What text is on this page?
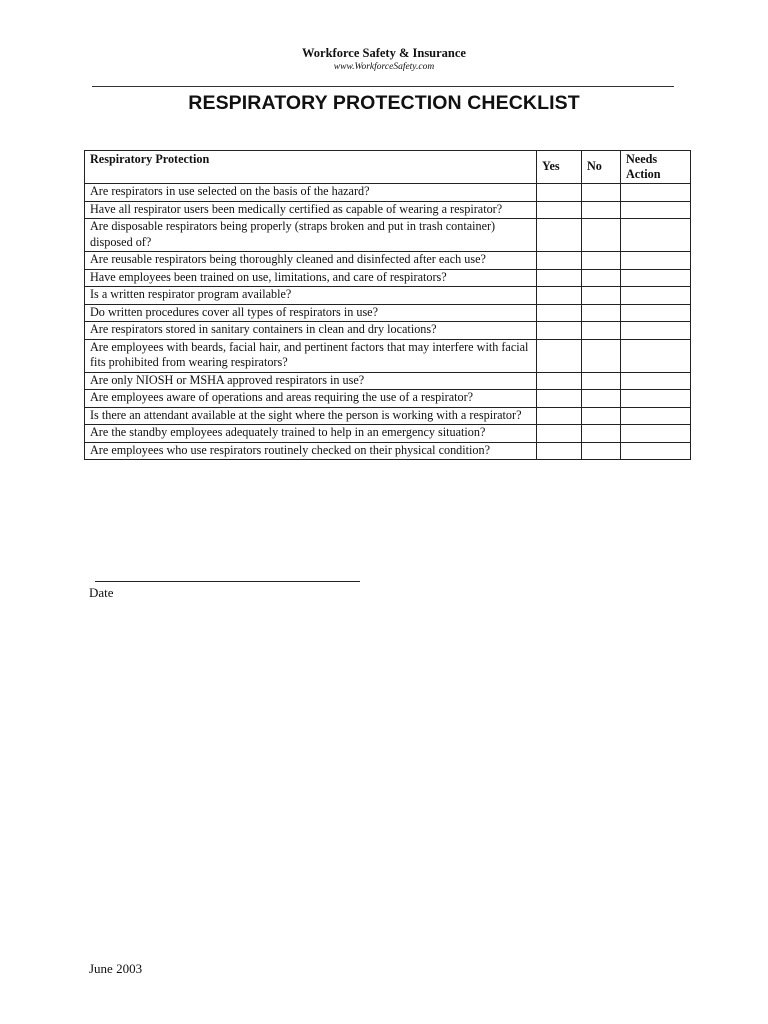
Workforce Safety & Insurance
www.WorkforceSafety.com
RESPIRATORY PROTECTION CHECKLIST
Respiratory Protection	Yes	No	Needs Action
Are respirators in use selected on the basis of the hazard?			
Have all respirator users been medically certified as capable of wearing a respirator?			
Are disposable respirators being properly (straps broken and put in trash container) disposed of?			
Are reusable respirators being thoroughly cleaned and disinfected after each use?			
Have employees been trained on use, limitations, and care of respirators?			
Is a written respirator program available?			
Do written procedures cover all types of respirators in use?			
Are respirators stored in sanitary containers in clean and dry locations?			
Are employees with beards, facial hair, and pertinent factors that may interfere with facial fits prohibited from wearing respirators?			
Are only NIOSH or MSHA approved respirators in use?			
Are employees aware of operations and areas requiring the use of a respirator?			
Is there an attendant available at the sight where the person is working with a respirator?			
Are the standby employees adequately trained to help in an emergency situation?			
Are employees who use respirators routinely checked on their physical condition?			
Date
June 2003
